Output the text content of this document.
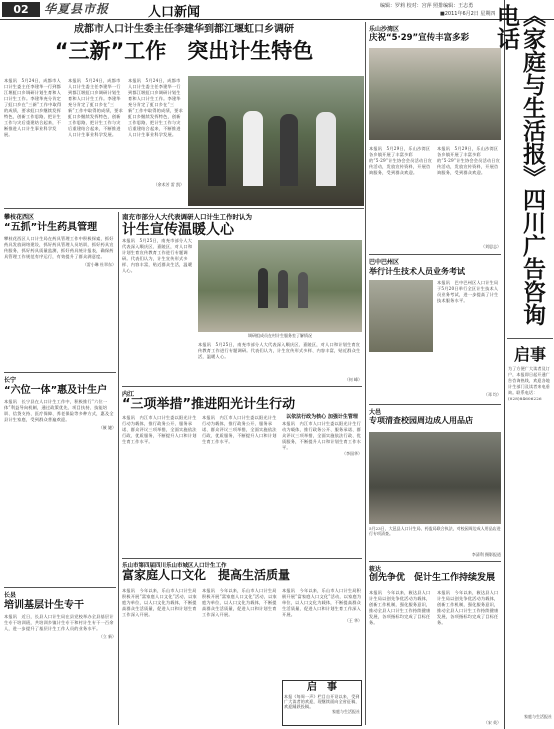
02	华夏县市报	人口新闻	编辑：罗莉 校对：宫萍 照排编辑：王志勇
■2011年6月2日 星期四
成都市人口计生委主任李建华到都江堰虹口乡调研
“三新”工作　突出计生特色
本报讯　5月24日，成都市人口计生委主任李建华一行到都江堰虹口乡调研计划生育和人口计生工作。李建华充分肯定了虹口乡在“三新”工作中取得的成绩，要求虹口乡继续发挥特色，创新工作思路，把计生工作与灾后重建结合起来，不断推进人口计生事业科学发展。
本报讯　5月24日，成都市人口计生委主任李建华一行到都江堰虹口乡调研计划生育和人口计生工作。李建华充分肯定了虹口乡在“三新”工作中取得的成绩，要求虹口乡继续发挥特色，创新工作思路，把计生工作与灾后重建结合起来，不断推进人口计生事业科学发展。
本报讯　5月24日，成都市人口计生委主任李建华一行到都江堰虹口乡调研计划生育和人口计生工作。李建华充分肯定了虹口乡在“三新”工作中取得的成绩，要求虹口乡继续发挥特色，创新工作思路，把计生工作与灾后重建结合起来，不断推进人口计生事业科学发展。
（余术芳 雷 凯）
攀枝花西区
“五抓”计生药具管理
攀枝花西区人口计生局在药具管理工作中积极探索，抓好药具发放网络建设，抓好药具管理人员培训，抓好药具宣传服务，抓好药具质量监测，抓好药具统计报表，确保药具管理工作规范有序运行，有效提升了群众满意度。
（雷小琳 杜翠东）
长宁
“六位一体”惠及计生户
本报讯　长宁县在人口计生工作中，积极推行“六位一体”利益导向机制，通过政策优先、项目扶持、技能培训、信贷支持、医疗保障、养老保险等多种方式，惠及全县计生家庭，受到群众普遍欢迎。
（筱 婕）
长县
培训基层计生专干
本报讯　近日，长县人口计生局在县党校举办全县基层计生专干培训班，共培训乡镇计生专干和村计生专干一百余人，进一步提升了基层计生工作人员的业务水平。
（立 新）
南充市部分人大代表调研人口计生工作时认为
计生宣传温暖人心
本报讯　5月25日，南充市部分人大代表深入顺庆区、嘉陵区，对人口和计划生育宣传教育工作进行专题调研。代表们认为，计生宣传形式多样、内容丰富，贴近群众生活，温暖人心。
调研组成员在村计生服务室了解情况
本报讯　5月25日，南充市部分人大代表深入顺庆区、嘉陵区，对人口和计划生育宣传教育工作进行专题调研。代表们认为，计生宣传形式多样、内容丰富，贴近群众生活，温暖人心。
（何 峰）
内江
“三项举措”推进阳光计生行动
本报讯　内江市人口计生委以阳光计生行动为载体，推行政务公开、服务承诺、群众评议三项举措，全面实施依法行政、优质服务，不断提升人口和计划生育工作水平。
本报讯　内江市人口计生委以阳光计生行动为载体，推行政务公开、服务承诺、群众评议三项举措，全面实施依法行政、优质服务，不断提升人口和计划生育工作水平。
以依法行政为核心 加强计生管理
本报讯　内江市人口计生委以阳光计生行动为载体，推行政务公开、服务承诺、群众评议三项举措，全面实施依法行政、优质服务，不断提升人口和计划生育工作水平。
（李国华）
乐山市第四届四川乐山市城区人口计生工作
富家庭人口文化　提高生活质量
本报讯　今年以来，乐山市人口计生局积极开展“富家庭人口文化”活动，以家庭为单位，以人口文化为载体，不断提高群众生活质量，促进人口和计划生育工作深入开展。
本报讯　今年以来，乐山市人口计生局积极开展“富家庭人口文化”活动，以家庭为单位，以人口文化为载体，不断提高群众生活质量，促进人口和计划生育工作深入开展。
本报讯　今年以来，乐山市人口计生局积极开展“富家庭人口文化”活动，以家庭为单位，以人口文化为载体，不断提高群众生活质量，促进人口和计划生育工作深入开展。
（王 华）
启　事
本报《每周一声》栏目自开设以来，受到广大读者的欢迎，现继续面向全省征稿，欢迎踊跃投稿。
家庭与生活报社
乐山沙湾区
庆祝“5·29”宣传丰富多彩
本报讯　5月29日，乐山沙湾区各乡镇开展了丰富多彩的“5·29”计生协会会员活动日宣传活动，发放宣传资料，开展咨询服务，受到群众欢迎。
本报讯　5月29日，乐山沙湾区各乡镇开展了丰富多彩的“5·29”计生协会会员活动日宣传活动，发放宣传资料，开展咨询服务，受到群众欢迎。
（刘思志）
巴中巴州区
举行计生技术人员业务考试
本报讯　巴中巴州区人口计生局于5月20日举行全区计生技术人员业务考试，进一步提高了计生技术服务水平。
（邓 均）
大邑
专项清查校园周边成人用品店
5月23日，大邑县人口计生局、药监局联合执法，对校园周边成人用品店进行专项清查。
李清利 摄影报道
筱达
创先争优　促计生工作持续发展
本报讯　今年以来，筱达县人口计生局以创先争优活动为载体，创新工作机制，强化服务意识，推动全县人口计生工作持续健康发展，各项指标均完成了目标任务。
本报讯　今年以来，筱达县人口计生局以创先争优活动为载体，创新工作机制，强化服务意识，推动全县人口计生工作持续健康发展，各项指标均完成了目标任务。
（宋 英）
《家庭与生活报》四川广告咨询电话
启事
为了方便广大读者及订户，本报即日起开通广告咨询热线，欢迎各地计生部门及读者来电垂询。联系电话：(028)84606226
家庭与生活报社
